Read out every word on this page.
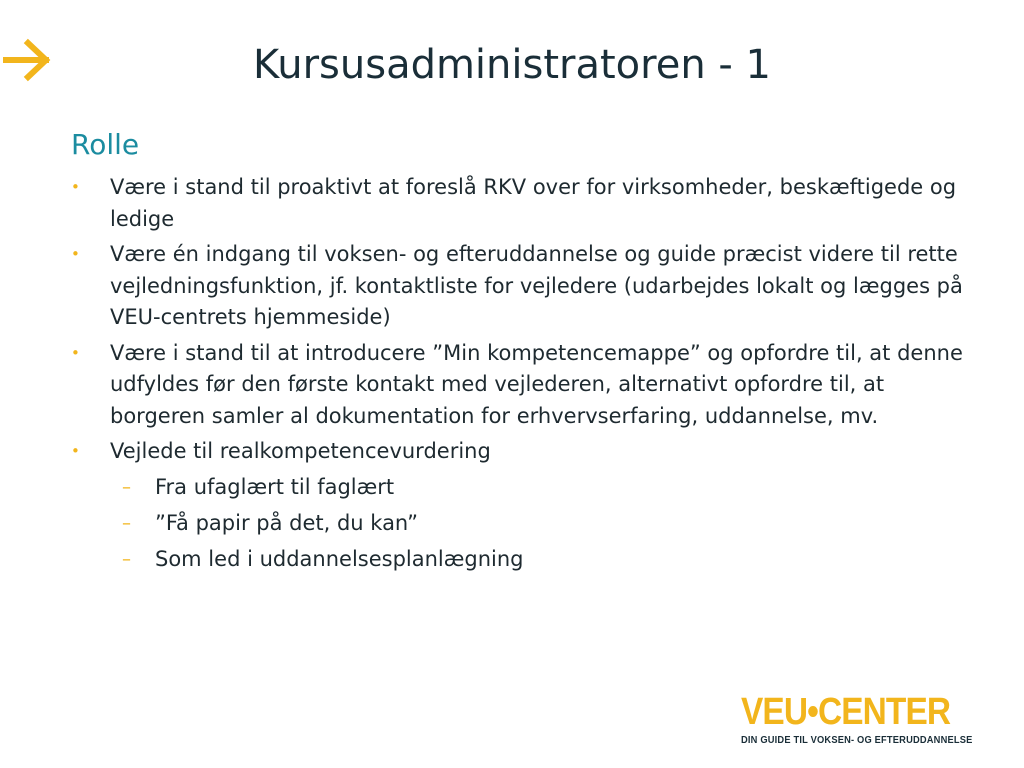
Kursusadministratoren - 1
Rolle
• Være i stand til proaktivt at foreslå RKV over for virksomheder, beskæftigede og ledige
• Være én indgang til voksen- og efteruddannelse og guide præcist videre til rette vejledningsfunktion, jf. kontaktliste for vejledere (udarbejdes lokalt og lægges på VEU-centrets hjemmeside)
• Være i stand til at introducere ”Min kompetencemappe” og opfordre til, at denne udfyldes før den første kontakt med vejlederen, alternativt opfordre til, at borgeren samler al dokumentation for erhvervserfaring, uddannelse, mv.
• Vejlede til realkompetencevurdering
– Fra ufaglært til faglært
– ”Få papir på det, du kan”
– Som led i uddannelsesplanlægning
VEU•CENTER
DIN GUIDE TIL VOKSEN- OG EFTERUDDANNELSE
